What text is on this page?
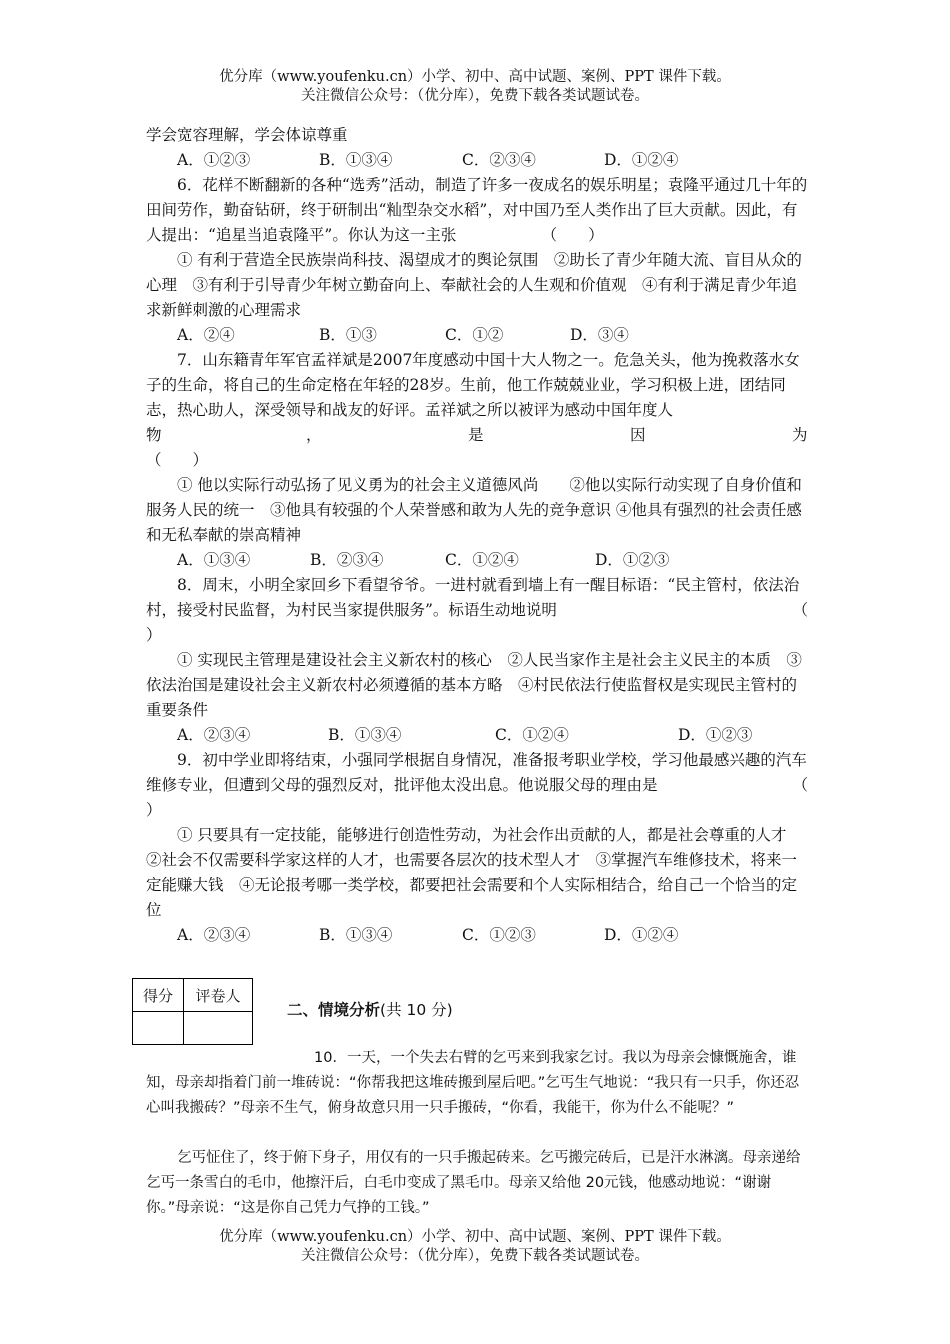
优分库（www.youfenku.cn）小学、初中、高中试题、案例、PPT 课件下载。
关注微信公众号：（优分库），免费下载各类试题试卷。

学会宽容理解，学会体谅尊重

A．①②③	B．①③④	C．②③④	D．①②④

6．花样不断翻新的各种“选秀”活动，制造了许多一夜成名的娱乐明星；袁隆平通过几十年的田间劳作，勤奋钻研，终于研制出“籼型杂交水稻”，对中国乃至人类作出了巨大贡献。因此，有人提出：“追星当追袁隆平”。你认为这一主张　　　　　　（　　）

① 有利于营造全民族崇尚科技、渴望成才的舆论氛围　②助长了青少年随大流、盲目从众的心理　③有利于引导青少年树立勤奋向上、奉献社会的人生观和价值观　④有利于满足青少年追求新鲜刺激的心理需求

A．②④	B．①③	C．①②	D．③④

7．山东籍青年军官孟祥斌是2007年度感动中国十大人物之一。危急关头，他为挽救落水女子的生命，将自己的生命定格在年轻的28岁。生前，他工作兢兢业业，学习积极上进，团结同志，热心助人，深受领导和战友的好评。孟祥斌之所以被评为感动中国年度人

物	，	是	因	为

（　　）

① 他以实际行动弘扬了见义勇为的社会主义道德风尚　　②他以实际行动实现了自身价值和服务人民的统一　③他具有较强的个人荣誉感和敢为人先的竞争意识 ④他具有强烈的社会责任感和无私奉献的崇高精神

A．①③④	B．②③④	C．①②④	D．①②③
8．周末，小明全家回乡下看望爷爷。一进村就看到墙上有一醒目标语：“民主管村，依法治村，接受村民监督，为村民当家提供服务”。标语生动地说明	（

）

① 实现民主管理是建设社会主义新农村的核心　②人民当家作主是社会主义民主的本质　③依法治国是建设社会主义新农村必须遵循的基本方略　④村民依法行使监督权是实现民主管村的重要条件

A．②③④	B．①③④	C．①②④	D．①②③
9．初中学业即将结束，小强同学根据自身情况，准备报考职业学校，学习他最感兴趣的汽车维修专业，但遭到父母的强烈反对，批评他太没出息。他说服父母的理由是	（

）

① 只要具有一定技能，能够进行创造性劳动，为社会作出贡献的人，都是社会尊重的人才　②社会不仅需要科学家这样的人才，也需要各层次的技术型人才　③掌握汽车维修技术，将来一定能赚大钱　④无论报考哪一类学校，都要把社会需要和个人实际相结合，给自己一个恰当的定位

A．②③④	B．①③④	C．①②③	D．①②④
得分	评卷人

二、情境分析(共 10 分)
10．一天，一个失去右臂的乞丐来到我家乞讨。我以为母亲会慷慨施舍，谁知，母亲却指着门前一堆砖说：“你帮我把这堆砖搬到屋后吧。”乞丐生气地说：“我只有一只手，你还忍心叫我搬砖？”母亲不生气，俯身故意只用一只手搬砖，“你看，我能干，你为什么不能呢？”

乞丐怔住了，终于俯下身子，用仅有的一只手搬起砖来。乞丐搬完砖后，已是汗水淋漓。母亲递给乞丐一条雪白的毛巾，他擦汗后，白毛巾变成了黑毛巾。母亲又给他 20元钱，他感动地说：“谢谢你。”母亲说：“这是你自己凭力气挣的工钱。”

优分库（www.youfenku.cn）小学、初中、高中试题、案例、PPT 课件下载。
关注微信公众号：（优分库），免费下载各类试题试卷。
